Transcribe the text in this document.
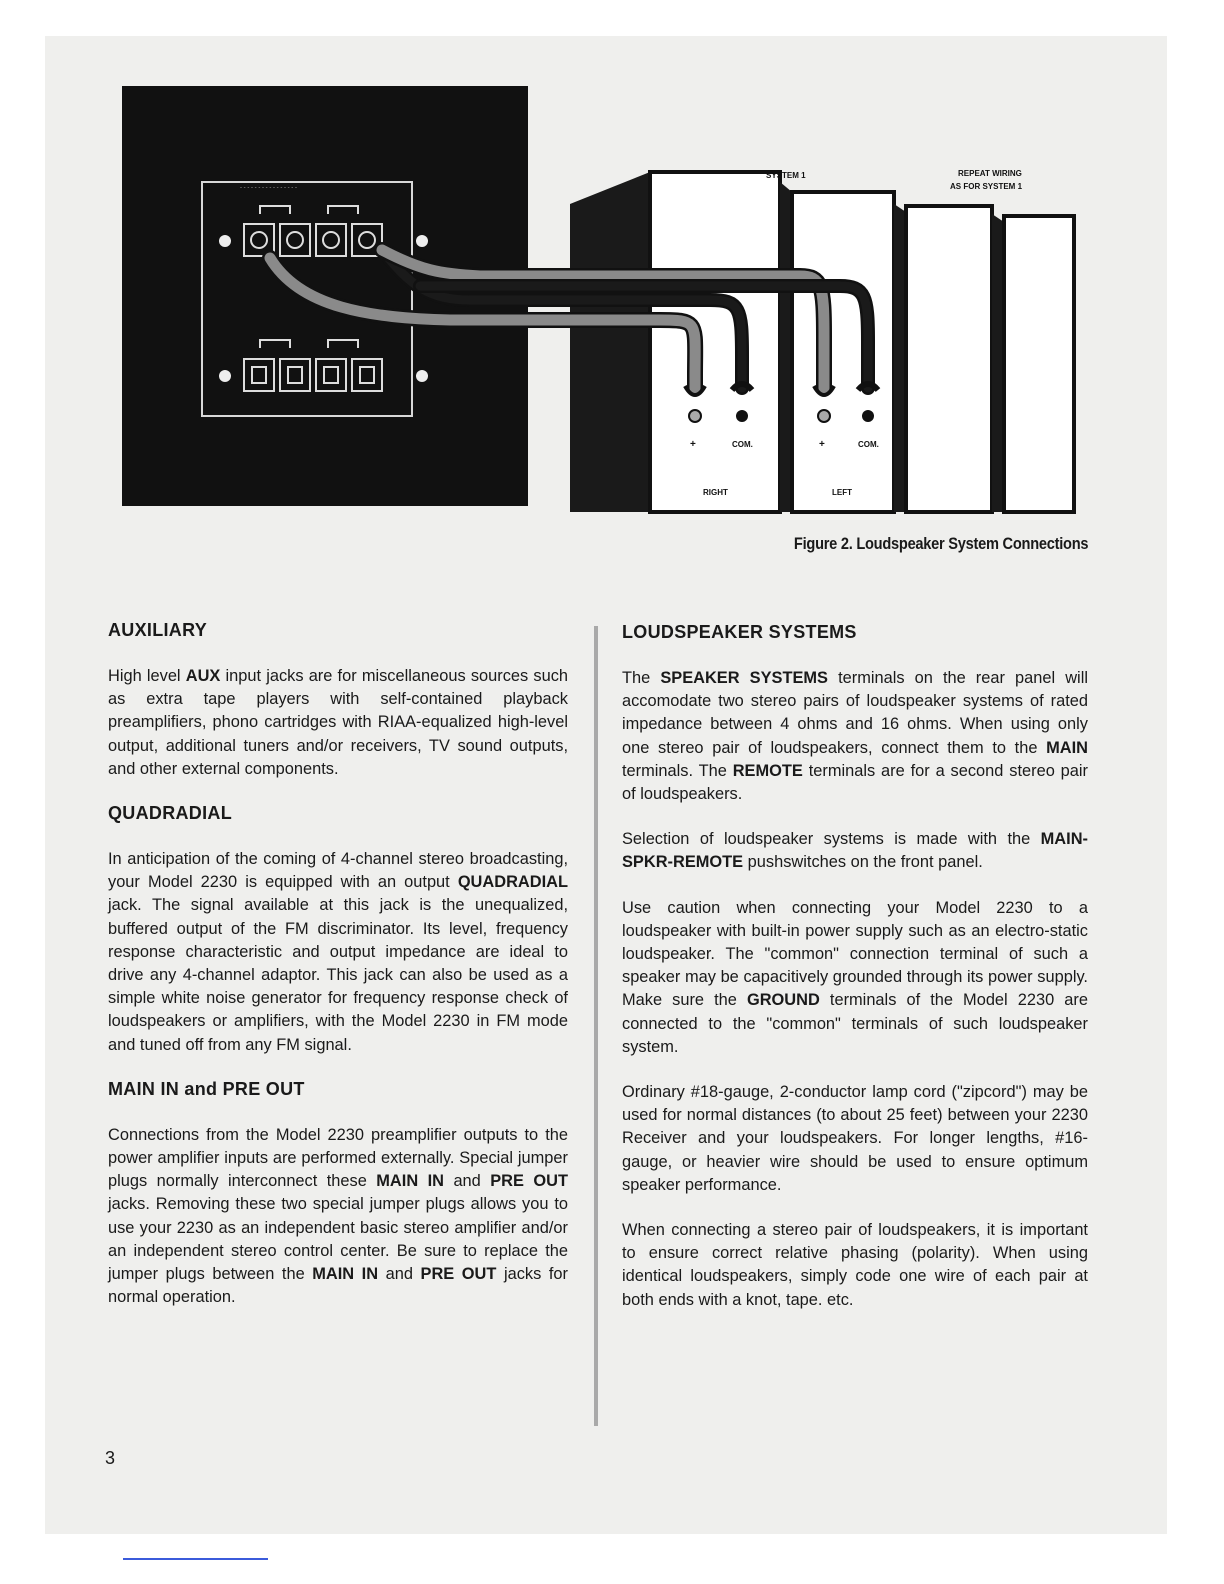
- - - - - - - - - - - - - - - -
SYSTEM 1	REPEAT WIRING
AS FOR SYSTEM 1
+	COM.	+	COM.
RIGHT	LEFT
Figure 2. Loudspeaker System Connections
AUXILIARY

High level AUX input jacks are for miscellaneous sources such as extra tape players with self-contained playback preamplifiers, phono cartridges with RIAA-equalized high-level output, additional tuners and/or receivers, TV sound outputs, and other external components.

QUADRADIAL

In anticipation of the coming of 4-channel stereo broadcasting, your Model 2230 is equipped with an output QUADRADIAL jack. The signal available at this jack is the unequalized, buffered output of the FM discriminator. Its level, frequency response characteristic and output impedance are ideal to drive any 4-channel adaptor. This jack can also be used as a simple white noise generator for frequency response check of loudspeakers or amplifiers, with the Model 2230 in FM mode and tuned off from any FM signal.

MAIN IN and PRE OUT

Connections from the Model 2230 preamplifier outputs to the power amplifier inputs are performed externally. Special jumper plugs normally interconnect these MAIN IN and PRE OUT jacks. Removing these two special jumper plugs allows you to use your 2230 as an independent basic stereo amplifier and/or an independent stereo control center. Be sure to replace the jumper plugs between the MAIN IN and PRE OUT jacks for normal operation.

LOUDSPEAKER SYSTEMS

The SPEAKER SYSTEMS terminals on the rear panel will accomodate two stereo pairs of loudspeaker systems of rated impedance between 4 ohms and 16 ohms. When using only one stereo pair of loudspeakers, connect them to the MAIN terminals. The REMOTE terminals are for a second stereo pair of loudspeakers.

Selection of loudspeaker systems is made with the MAIN-SPKR-REMOTE pushswitches on the front panel.

Use caution when connecting your Model 2230 to a loudspeaker with built-in power supply such as an electro-static loudspeaker. The "common" connection terminal of such a speaker may be capacitively grounded through its power supply. Make sure the GROUND terminals of the Model 2230 are connected to the "common" terminals of such loudspeaker system.

Ordinary #18-gauge, 2-conductor lamp cord ("zipcord") may be used for normal distances (to about 25 feet) between your 2230 Receiver and your loudspeakers. For longer lengths, #16-gauge, or heavier wire should be used to ensure optimum speaker performance.

When connecting a stereo pair of loudspeakers, it is important to ensure correct relative phasing (polarity). When using identical loudspeakers, simply code one wire of each pair at both ends with a knot, tape. etc.

3
